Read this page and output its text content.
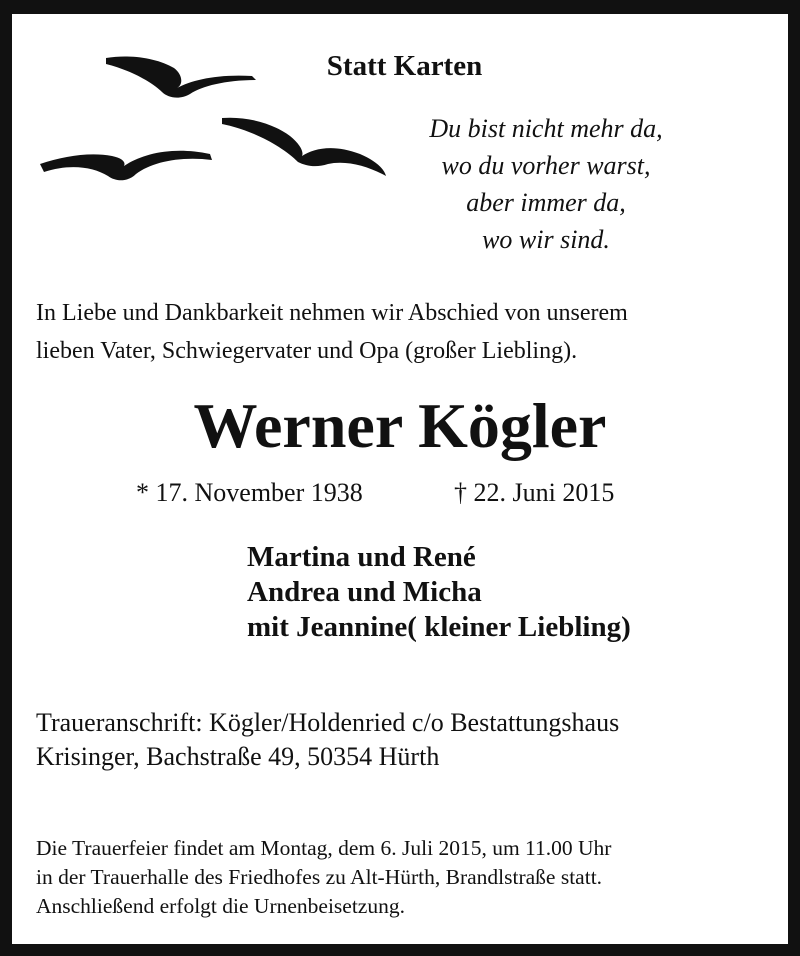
Statt Karten
Du bist nicht mehr da,
wo du vorher warst,
aber immer da,
wo wir sind.
In Liebe und Dankbarkeit nehmen wir Abschied von unserem
lieben Vater, Schwiegervater und Opa (großer Liebling).
Werner Kögler
* 17. November 1938	† 22. Juni 2015
Martina und René
Andrea und Micha
mit Jeannine( kleiner Liebling)
Traueranschrift: Kögler/Holdenried c/o Bestattungshaus
Krisinger, Bachstraße 49, 50354 Hürth
Die Trauerfeier findet am Montag, dem 6. Juli 2015, um 11.00 Uhr
in der Trauerhalle des Friedhofes zu Alt-Hürth, Brandlstraße statt.
Anschließend erfolgt die Urnenbeisetzung.
